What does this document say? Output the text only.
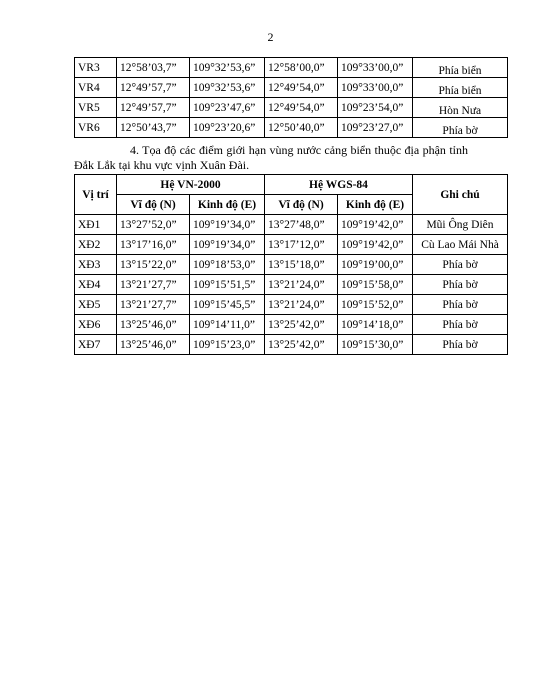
2
VR3	12°58’03,7”	109°32’53,6”	12°58’00,0”	109°33’00,0”	Phía biển
VR4	12°49’57,7”	109°32’53,6”	12°49’54,0”	109°33’00,0”	Phía biển
VR5	12°49’57,7”	109°23’47,6”	12°49’54,0”	109°23’54,0”	Hòn Nưa
VR6	12°50’43,7”	109°23’20,6”	12°50’40,0”	109°23’27,0”	Phía bờ
4. Tọa độ các điểm giới hạn vùng nước cảng biển thuộc địa phận tỉnh Đắk Lắk tại khu vực vịnh Xuân Đài.
Vị trí	Hệ VN-2000		Hệ WGS-84		Ghi chú
	Vĩ độ (N)	Kinh độ (E)	Vĩ độ (N)	Kinh độ (E)	
XĐ1	13°27’52,0”	109°19’34,0”	13°27’48,0”	109°19’42,0”	Mũi Ông Diên
XĐ2	13°17’16,0”	109°19’34,0”	13°17’12,0”	109°19’42,0”	Cù Lao Mái Nhà
XĐ3	13°15’22,0”	109°18’53,0”	13°15’18,0”	109°19’00,0”	Phía bờ
XĐ4	13°21’27,7”	109°15’51,5”	13°21’24,0”	109°15’58,0”	Phía bờ
XĐ5	13°21’27,7”	109°15’45,5”	13°21’24,0”	109°15’52,0”	Phía bờ
XĐ6	13°25’46,0”	109°14’11,0”	13°25’42,0”	109°14’18,0”	Phía bờ
XĐ7	13°25’46,0”	109°15’23,0”	13°25’42,0”	109°15’30,0”	Phía bờ
